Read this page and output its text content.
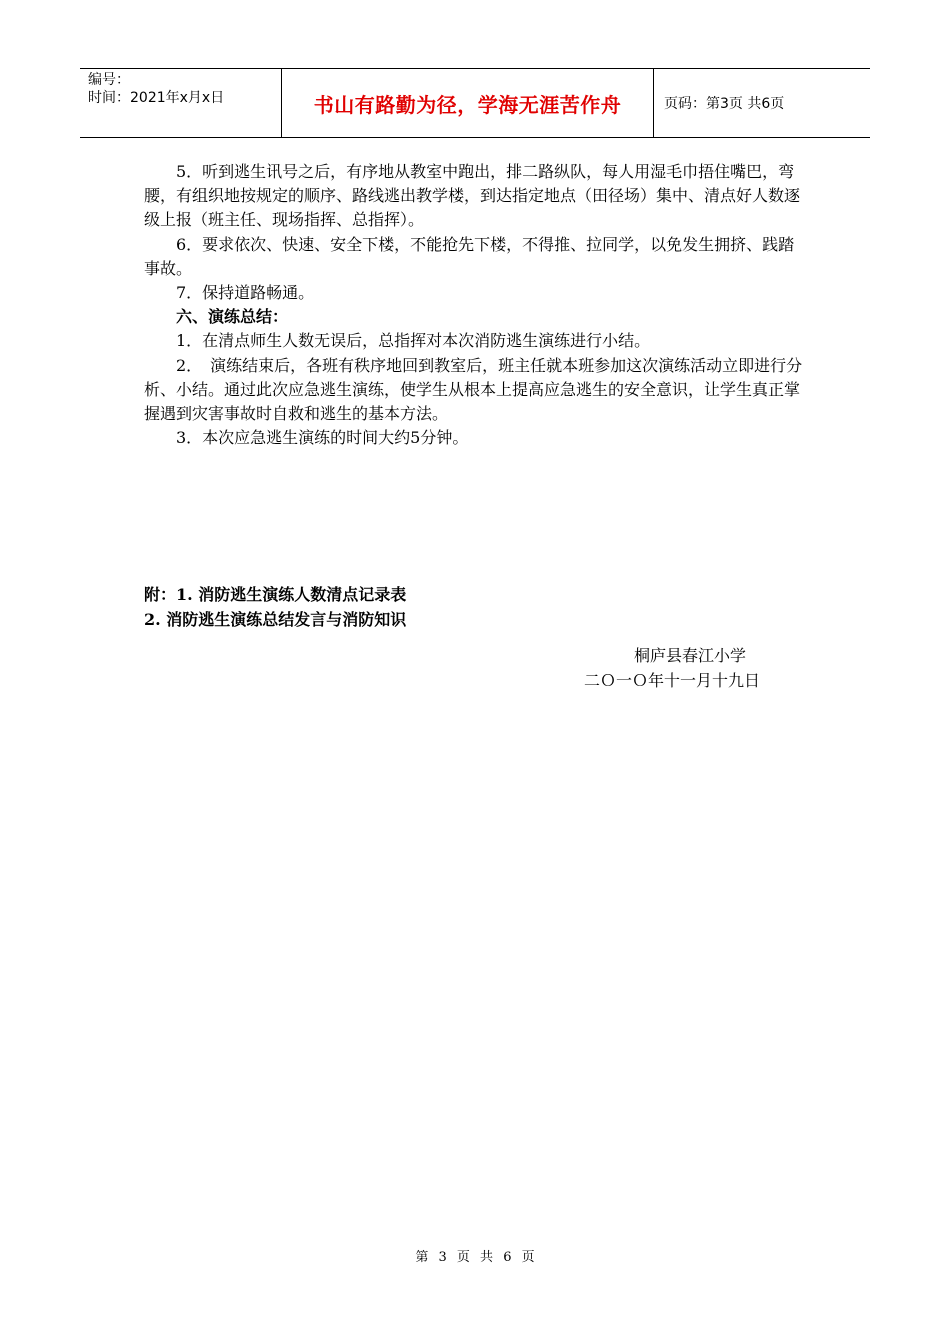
编号：
时间：2021年x月x日	书山有路勤为径，学海无涯苦作舟	页码：第3页 共6页

5．听到逃生讯号之后，有序地从教室中跑出，排二路纵队，每人用湿毛巾捂住嘴巴，弯腰，有组织地按规定的顺序、路线逃出教学楼，到达指定地点（田径场）集中、清点好人数逐级上报（班主任、现场指挥、总指挥）。

6．要求依次、快速、安全下楼，不能抢先下楼，不得推、拉同学，以免发生拥挤、践踏事故。

7．保持道路畅通。

六、演练总结：

1．在清点师生人数无误后，总指挥对本次消防逃生演练进行小结。

2．　演练结束后，各班有秩序地回到教室后，班主任就本班参加这次演练活动立即进行分析、小结。通过此次应急逃生演练，使学生从根本上提高应急逃生的安全意识，让学生真正掌握遇到灾害事故时自救和逃生的基本方法。

3．本次应急逃生演练的时间大约5分钟。

桐庐县春江小学
二Ｏ一Ｏ年十一月十九日
附：1. 消防逃生演练人数清点记录表
2. 消防逃生演练总结发言与消防知识
第 3 页 共 6 页
